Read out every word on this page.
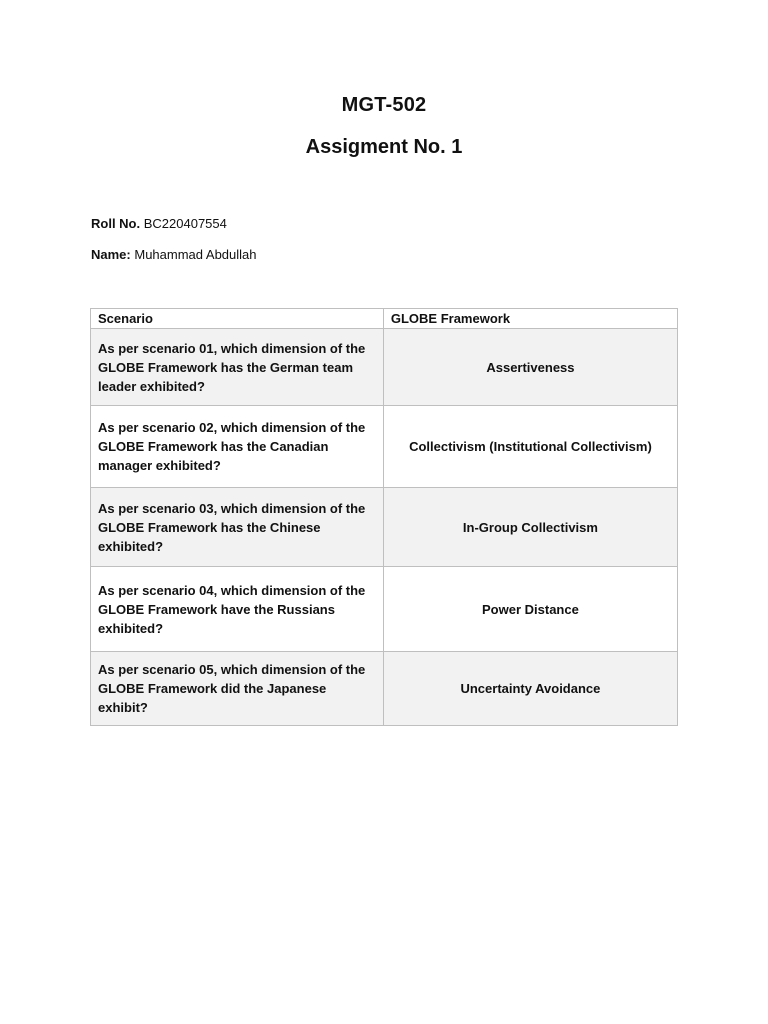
MGT-502
Assigment No. 1
Roll No. BC220407554
Name: Muhammad Abdullah
Scenario	GLOBE Framework
As per scenario 01, which dimension of the GLOBE Framework has the German team leader exhibited?	Assertiveness
As per scenario 02, which dimension of the GLOBE Framework has the Canadian manager exhibited?	Collectivism (Institutional Collectivism)
As per scenario 03, which dimension of the GLOBE Framework has the Chinese exhibited?	In-Group Collectivism
As per scenario 04, which dimension of the GLOBE Framework have the Russians exhibited?	Power Distance
As per scenario 05, which dimension of the GLOBE Framework did the Japanese exhibit?	Uncertainty Avoidance
